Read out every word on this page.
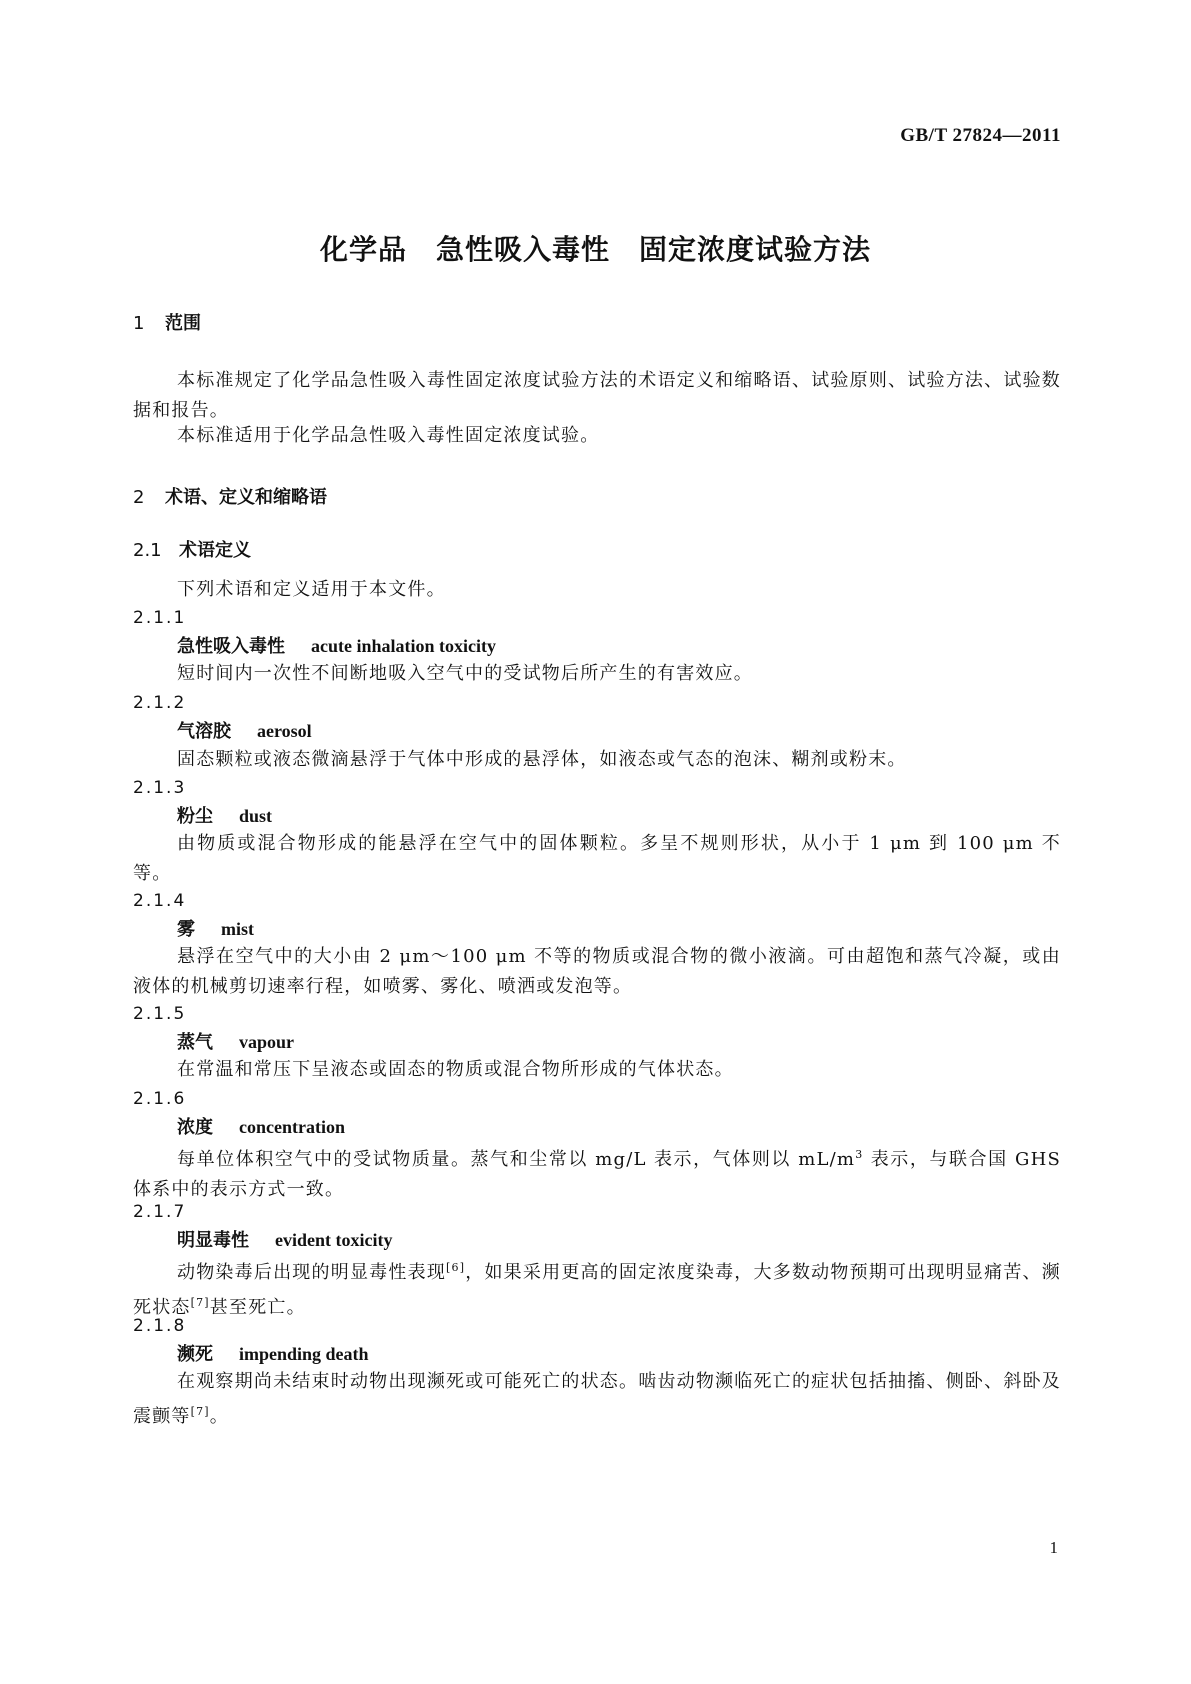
GB/T 27824—2011
化学品　急性吸入毒性　固定浓度试验方法
1 范围
本标准规定了化学品急性吸入毒性固定浓度试验方法的术语定义和缩略语、试验原则、试验方法、试验数据和报告。
本标准适用于化学品急性吸入毒性固定浓度试验。
2 术语、定义和缩略语
2.1 术语定义
下列术语和定义适用于本文件。
2.1.1
急性吸入毒性 acute inhalation toxicity
短时间内一次性不间断地吸入空气中的受试物后所产生的有害效应。
2.1.2
气溶胶 aerosol
固态颗粒或液态微滴悬浮于气体中形成的悬浮体，如液态或气态的泡沫、糊剂或粉末。
2.1.3
粉尘 dust
由物质或混合物形成的能悬浮在空气中的固体颗粒。多呈不规则形状，从小于 1 μm 到 100 μm 不等。
2.1.4
雾 mist
悬浮在空气中的大小由 2 μm～100 μm 不等的物质或混合物的微小液滴。可由超饱和蒸气冷凝，或由液体的机械剪切速率行程，如喷雾、雾化、喷洒或发泡等。
2.1.5
蒸气 vapour
在常温和常压下呈液态或固态的物质或混合物所形成的气体状态。
2.1.6
浓度 concentration
每单位体积空气中的受试物质量。蒸气和尘常以 mg/L 表示，气体则以 $mL/m^3$ 表示，与联合国 GHS 体系中的表示方式一致。
2.1.7
明显毒性 evident toxicity
动物染毒后出现的明显毒性表现[6]，如果采用更高的固定浓度染毒，大多数动物预期可出现明显痛苦、濒死状态[7]甚至死亡。
2.1.8
濒死 impending death
在观察期尚未结束时动物出现濒死或可能死亡的状态。啮齿动物濒临死亡的症状包括抽搐、侧卧、斜卧及震颤等[7]。
1
